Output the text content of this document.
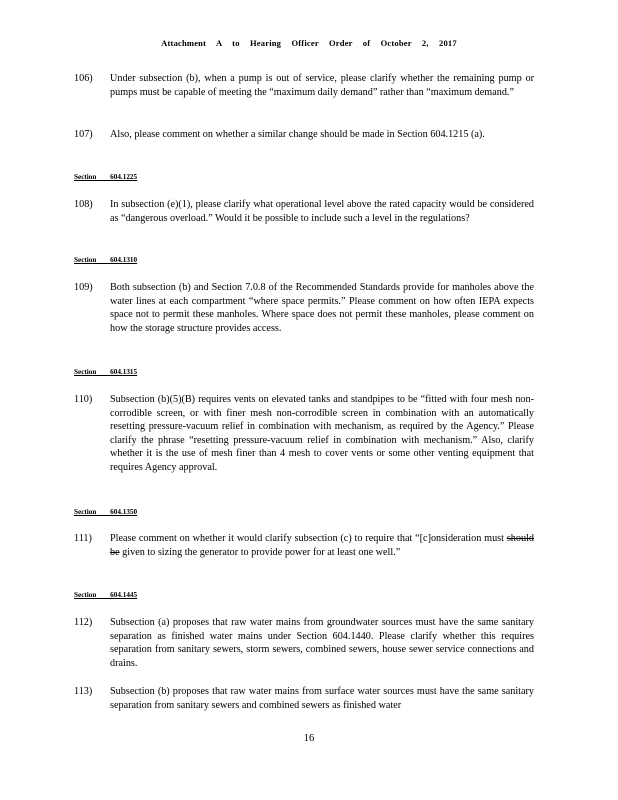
Attachment A to Hearing Officer Order of October 2, 2017
106)	Under subsection (b), when a pump is out of service, please clarify whether the remaining pump or pumps must be capable of meeting the “maximum daily demand” rather than “maximum demand.”
107)	Also, please comment on whether a similar change should be made in Section 604.1215 (a).
Section 604.1225
108)	In subsection (e)(1), please clarify what operational level above the rated capacity would be considered as “dangerous overload.” Would it be possible to include such a level in the regulations?
Section 604.1310
109)	Both subsection (b) and Section 7.0.8 of the Recommended Standards provide for manholes above the water lines at each compartment “where space permits.” Please comment on how often IEPA expects space not to permit these manholes. Where space does not permit these manholes, please comment on how the storage structure provides access.
Section 604.1315
110)	Subsection (b)(5)(B) requires vents on elevated tanks and standpipes to be “fitted with four mesh non-corrodible screen, or with finer mesh non-corrodible screen in combination with an automatically resetting pressure-vacuum relief in combination with mechanism, as required by the Agency.” Please clarify the phrase “resetting pressure-vacuum relief in combination with mechanism.” Also, clarify whether it is the use of mesh finer than 4 mesh to cover vents or some other venting equipment that requires Agency approval.
Section 604.1350
111)	Please comment on whether it would clarify subsection (c) to require that “[c]onsideration must should be given to sizing the generator to provide power for at least one well.”
Section 604.1445
112)	Subsection (a) proposes that raw water mains from groundwater sources must have the same sanitary separation as finished water mains under Section 604.1440. Please clarify whether this requires separation from sanitary sewers, storm sewers, combined sewers, house sewer service connections and drains.
113)	Subsection (b) proposes that raw water mains from surface water sources must have the same sanitary separation from sanitary sewers and combined sewers as finished water
16
